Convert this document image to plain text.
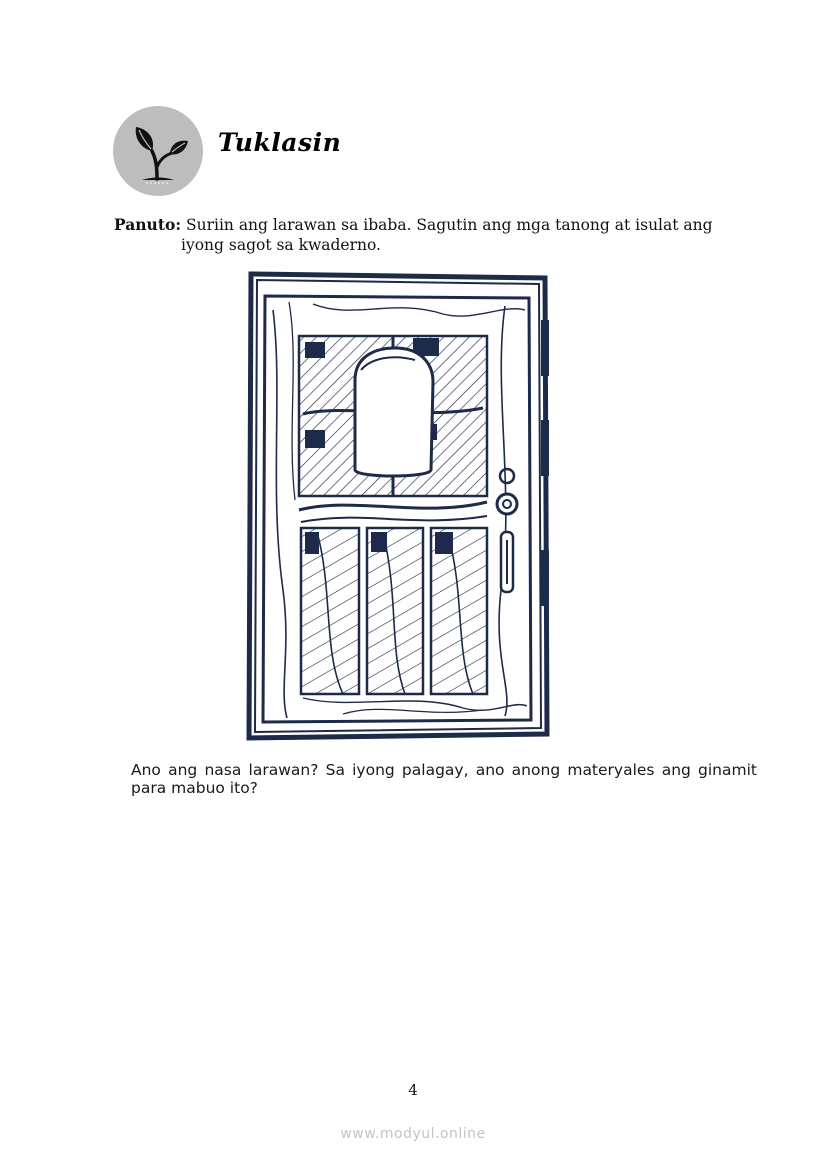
Tuklasin
Panuto: Suriin ang larawan sa ibaba. Sagutin ang mga tanong at isulat ang
iyong sagot sa kwaderno.
Ano ang nasa larawan? Sa iyong palagay, ano anong materyales ang ginamit para mabuo ito?
4
www.modyul.online
